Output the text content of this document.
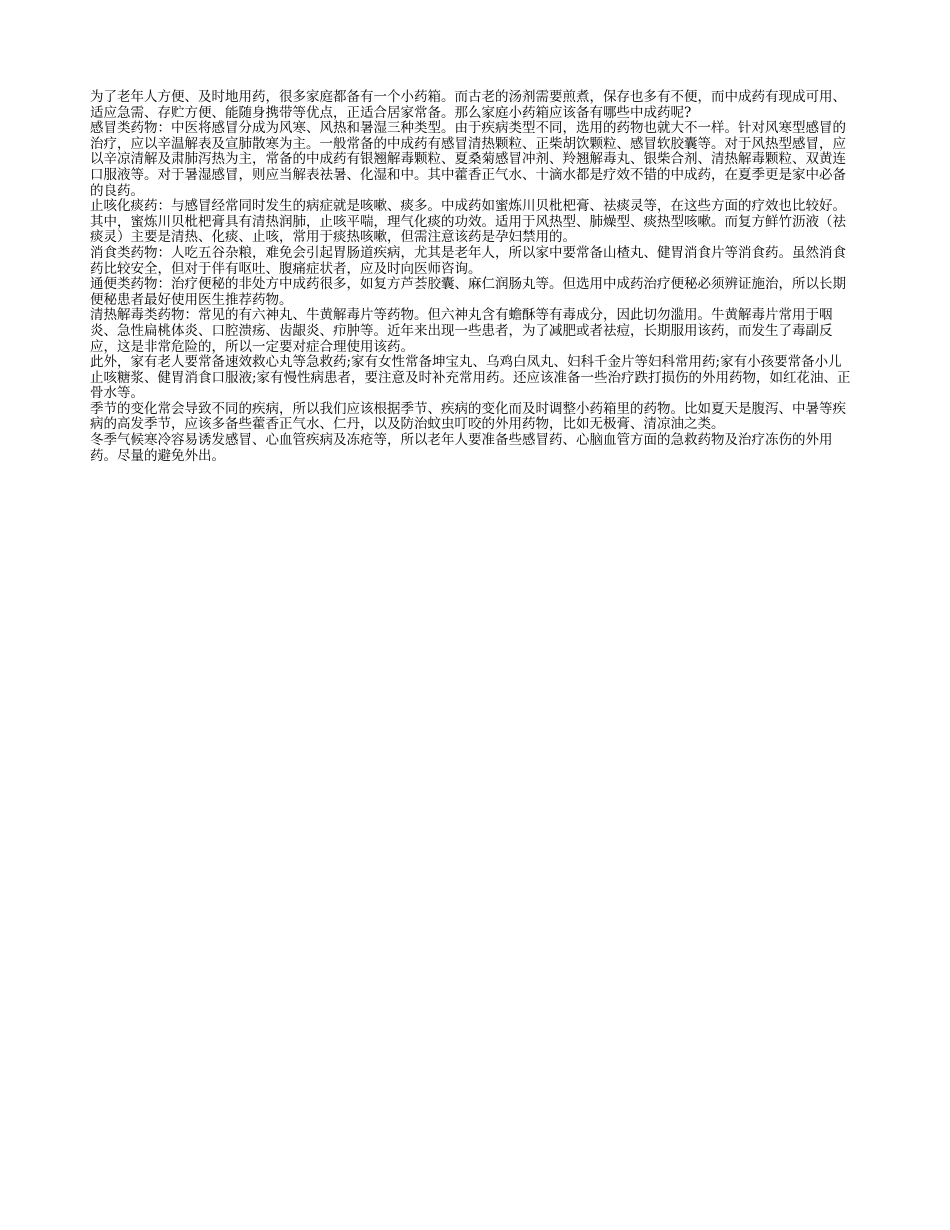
为了老年人方便、及时地用药，很多家庭都备有一个小药箱。而古老的汤剂需要煎煮，保存也多有不便，而中成药有现成可用、适应急需、存贮方便、能随身携带等优点，正适合居家常备。那么家庭小药箱应该备有哪些中成药呢?

感冒类药物：中医将感冒分成为风寒、风热和暑湿三种类型。由于疾病类型不同，选用的药物也就大不一样。针对风寒型感冒的治疗，应以辛温解表及宣肺散寒为主。一般常备的中成药有感冒清热颗粒、正柴胡饮颗粒、感冒软胶囊等。对于风热型感冒，应以辛凉清解及肃肺泻热为主，常备的中成药有银翘解毒颗粒、夏桑菊感冒冲剂、羚翘解毒丸、银柴合剂、清热解毒颗粒、双黄连口服液等。对于暑湿感冒，则应当解表祛暑、化湿和中。其中藿香正气水、十滴水都是疗效不错的中成药，在夏季更是家中必备的良药。

止咳化痰药：与感冒经常同时发生的病症就是咳嗽、痰多。中成药如蜜炼川贝枇杷膏、祛痰灵等，在这些方面的疗效也比较好。

其中，蜜炼川贝枇杷膏具有清热润肺，止咳平喘，理气化痰的功效。适用于风热型、肺燥型、痰热型咳嗽。而复方鲜竹沥液（祛痰灵）主要是清热、化痰、止咳，常用于痰热咳嗽，但需注意该药是孕妇禁用的。

消食类药物：人吃五谷杂粮，难免会引起胃肠道疾病，尤其是老年人，所以家中要常备山楂丸、健胃消食片等消食药。虽然消食药比较安全，但对于伴有呕吐、腹痛症状者，应及时向医师咨询。

通便类药物：治疗便秘的非处方中成药很多，如复方芦荟胶囊、麻仁润肠丸等。但选用中成药治疗便秘必须辨证施治，所以长期便秘患者最好使用医生推荐药物。

清热解毒类药物：常见的有六神丸、牛黄解毒片等药物。但六神丸含有蟾酥等有毒成分，因此切勿滥用。牛黄解毒片常用于咽炎、急性扁桃体炎、口腔溃疡、齿龈炎、疖肿等。近年来出现一些患者，为了减肥或者祛痘，长期服用该药，而发生了毒副反应，这是非常危险的，所以一定要对症合理使用该药。

此外，家有老人要常备速效救心丸等急救药;家有女性常备坤宝丸、乌鸡白凤丸、妇科千金片等妇科常用药;家有小孩要常备小儿止咳糖浆、健胃消食口服液;家有慢性病患者，要注意及时补充常用药。还应该准备一些治疗跌打损伤的外用药物，如红花油、正骨水等。

季节的变化常会导致不同的疾病，所以我们应该根据季节、疾病的变化而及时调整小药箱里的药物。比如夏天是腹泻、中暑等疾病的高发季节，应该多备些藿香正气水、仁丹，以及防治蚊虫叮咬的外用药物，比如无极膏、清凉油之类。

冬季气候寒冷容易诱发感冒、心血管疾病及冻疮等，所以老年人要准备些感冒药、心脑血管方面的急救药物及治疗冻伤的外用药。尽量的避免外出。
